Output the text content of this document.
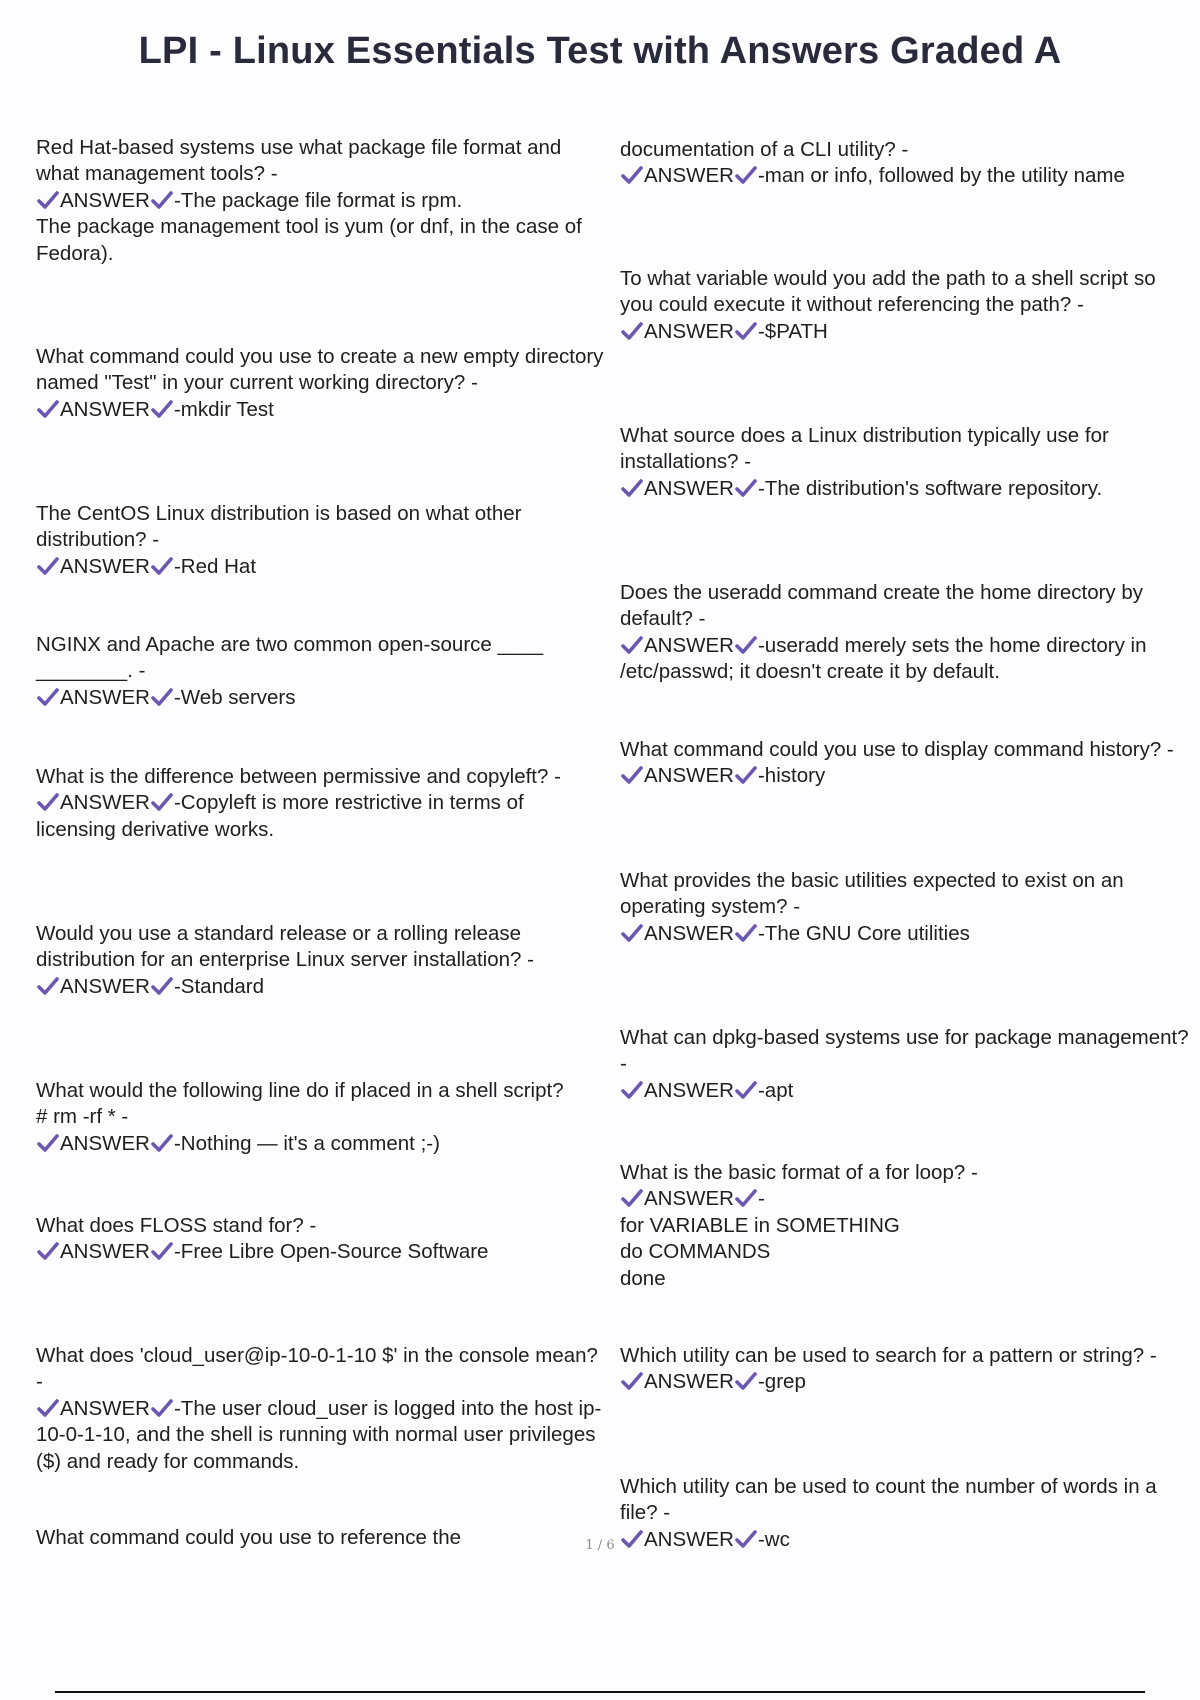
LPI - Linux Essentials Test with Answers Graded A

Red Hat-based systems use what package file format and what management tools? -

ANSWER -The package file format is rpm.
The package management tool is yum (or dnf, in the case of Fedora).

What command could you use to create a new empty directory named "Test" in your current working directory? -

ANSWER -mkdir Test

The CentOS Linux distribution is based on what other distribution? -

ANSWER -Red Hat

NGINX and Apache are two common open-source ____ ________. -

ANSWER -Web servers

What is the difference between permissive and copyleft? -

ANSWER -Copyleft is more restrictive in terms of licensing derivative works.

Would you use a standard release or a rolling release distribution for an enterprise Linux server installation? -

ANSWER -Standard

What would the following line do if placed in a shell script?
# rm -rf * -

ANSWER -Nothing — it's a comment ;-)

What does FLOSS stand for? -

ANSWER -Free Libre Open-Source Software

What does 'cloud_user@ip-10-0-1-10 $' in the console mean? -

ANSWER -The user cloud_user is logged into the host ip-10-0-1-10, and the shell is running with normal user privileges ($) and ready for commands.

What command could you use to reference the

documentation of a CLI utility? -

ANSWER -man or info, followed by the utility name

To what variable would you add the path to a shell script so you could execute it without referencing the path? -

ANSWER -$PATH

What source does a Linux distribution typically use for installations? -

ANSWER -The distribution's software repository.

Does the useradd command create the home directory by default? -

ANSWER -useradd merely sets the home directory in /etc/passwd; it doesn't create it by default.

What command could you use to display command history? -

ANSWER -history

What provides the basic utilities expected to exist on an operating system? -

ANSWER -The GNU Core utilities

What can dpkg-based systems use for package management? -

ANSWER -apt

What is the basic format of a for loop? -

ANSWER -
for VARIABLE in SOMETHING
do COMMANDS
done

Which utility can be used to search for a pattern or string? -

ANSWER -grep

Which utility can be used to count the number of words in a file? -

ANSWER -wc

1 / 6
